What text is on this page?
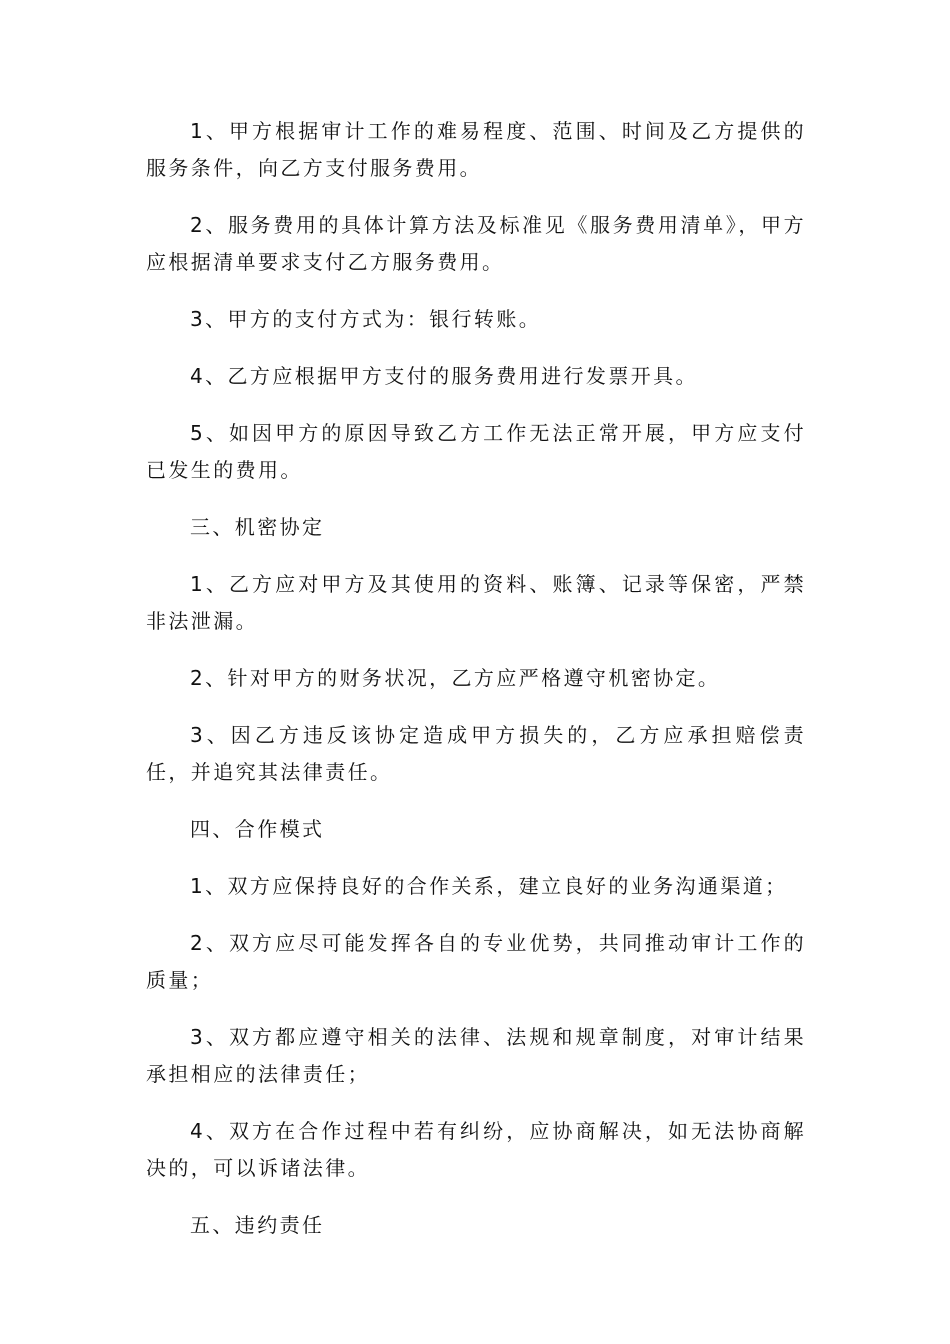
1、甲方根据审计工作的难易程度、范围、时间及乙方提供的服务条件，向乙方支付服务费用。

2、服务费用的具体计算方法及标准见《服务费用清单》，甲方应根据清单要求支付乙方服务费用。

3、甲方的支付方式为：银行转账。

4、乙方应根据甲方支付的服务费用进行发票开具。

5、如因甲方的原因导致乙方工作无法正常开展，甲方应支付已发生的费用。

三、机密协定

1、乙方应对甲方及其使用的资料、账簿、记录等保密，严禁非法泄漏。

2、针对甲方的财务状况，乙方应严格遵守机密协定。

3、因乙方违反该协定造成甲方损失的，乙方应承担赔偿责任，并追究其法律责任。

四、合作模式

1、双方应保持良好的合作关系，建立良好的业务沟通渠道；

2、双方应尽可能发挥各自的专业优势，共同推动审计工作的质量；

3、双方都应遵守相关的法律、法规和规章制度，对审计结果承担相应的法律责任；

4、双方在合作过程中若有纠纷，应协商解决，如无法协商解决的，可以诉诸法律。

五、违约责任
